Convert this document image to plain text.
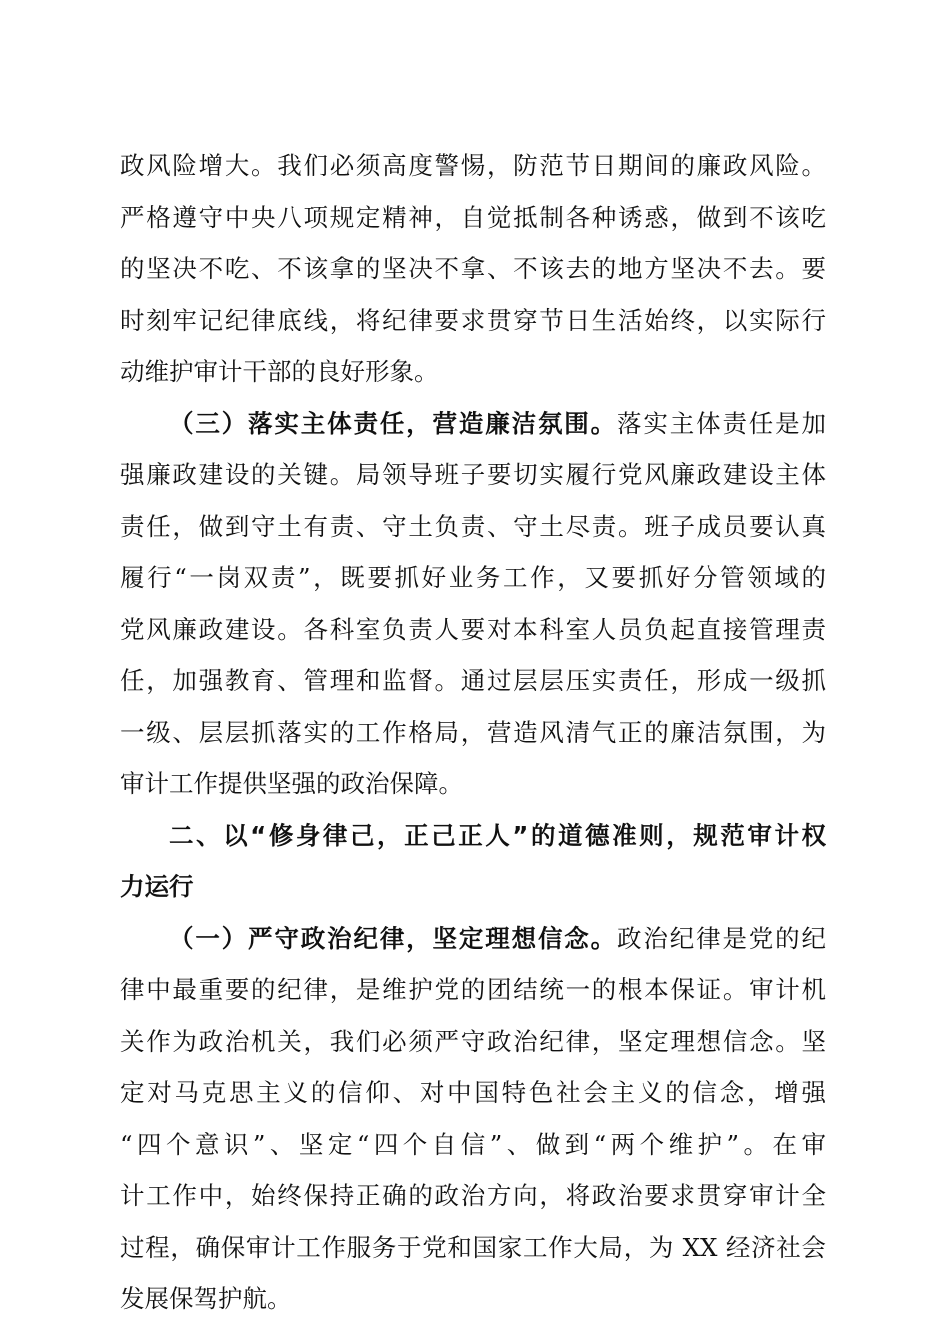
政风险增大。我们必须高度警惕，防范节日期间的廉政风险。
严格遵守中央八项规定精神，自觉抵制各种诱惑，做到不该吃
的坚决不吃、不该拿的坚决不拿、不该去的地方坚决不去。要
时刻牢记纪律底线，将纪律要求贯穿节日生活始终，以实际行
动维护审计干部的良好形象。
（三）落实主体责任，营造廉洁氛围。落实主体责任是加
强廉政建设的关键。局领导班子要切实履行党风廉政建设主体
责任，做到守土有责、守土负责、守土尽责。班子成员要认真
履行“一岗双责”，既要抓好业务工作，又要抓好分管领域的
党风廉政建设。各科室负责人要对本科室人员负起直接管理责
任，加强教育、管理和监督。通过层层压实责任，形成一级抓
一级、层层抓落实的工作格局，营造风清气正的廉洁氛围，为
审计工作提供坚强的政治保障。
二、以“修身律己，正己正人”的道德准则，规范审计权
力运行
（一）严守政治纪律，坚定理想信念。政治纪律是党的纪
律中最重要的纪律，是维护党的团结统一的根本保证。审计机
关作为政治机关，我们必须严守政治纪律，坚定理想信念。坚
定对马克思主义的信仰、对中国特色社会主义的信念，增强
“四个意识”、坚定“四个自信”、做到“两个维护”。在审
计工作中，始终保持正确的政治方向，将政治要求贯穿审计全
过程，确保审计工作服务于党和国家工作大局，为 XX 经济社会
发展保驾护航。
